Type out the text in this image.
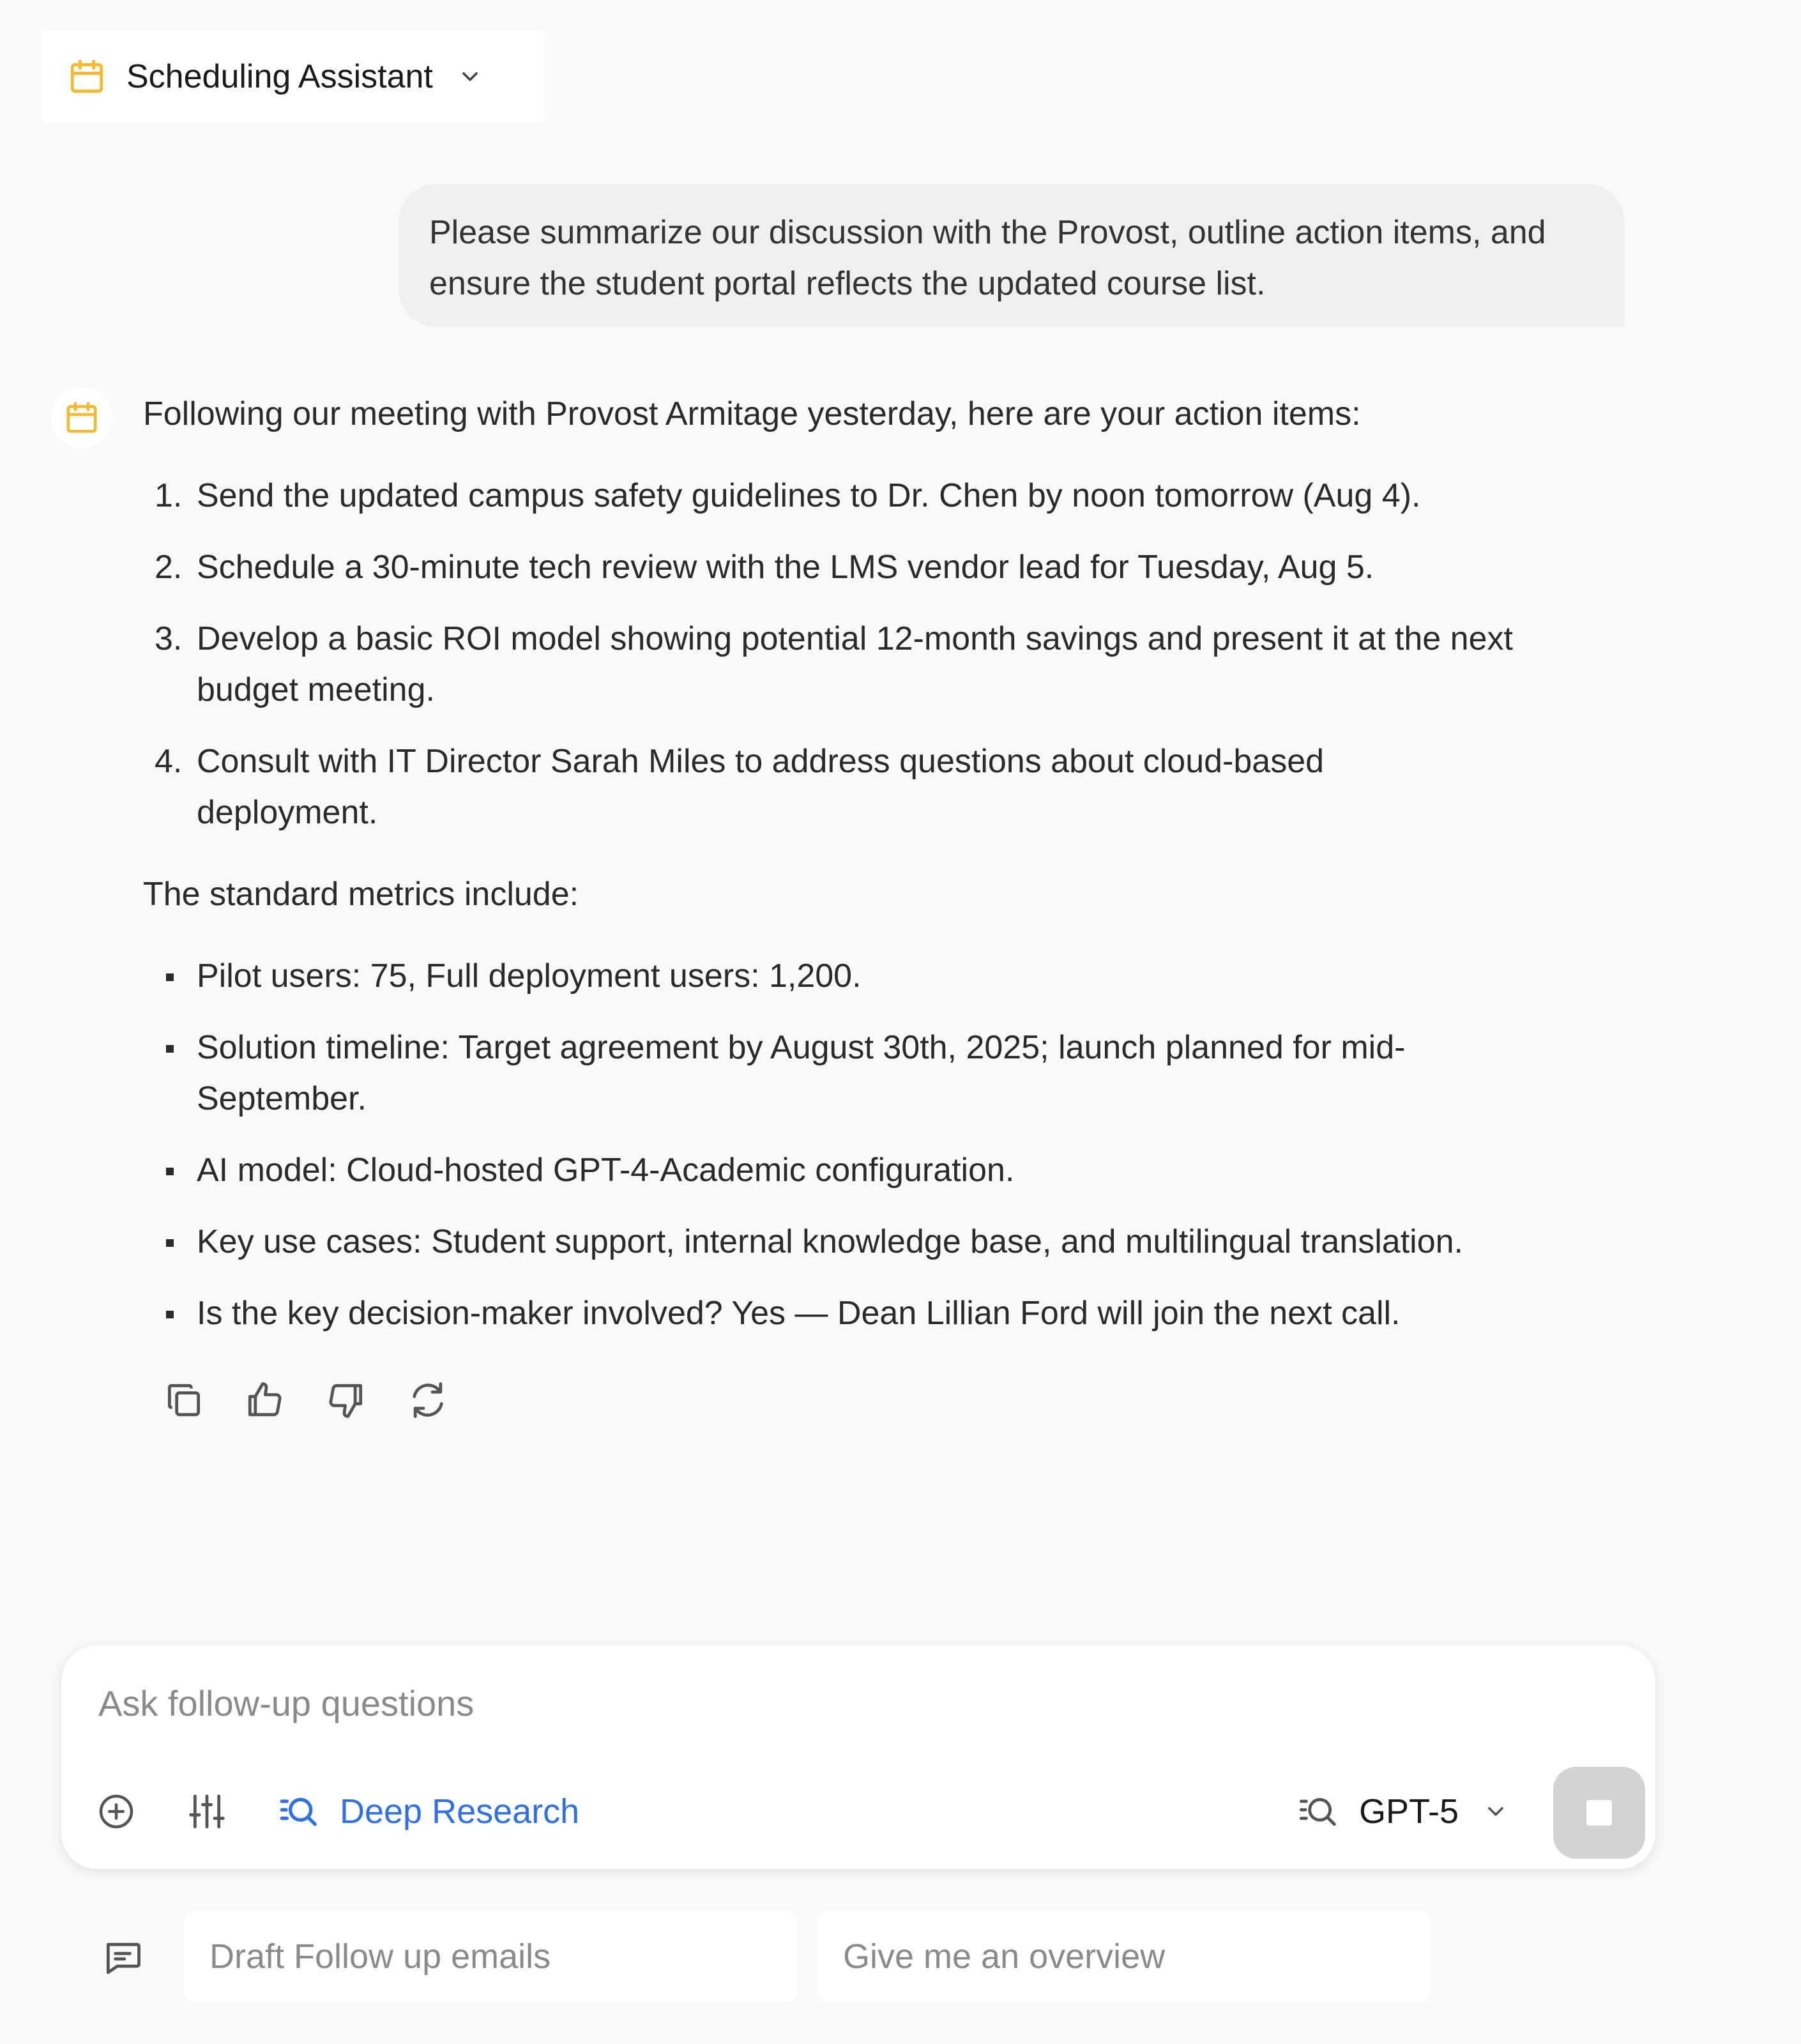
Scheduling Assistant
Please summarize our discussion with the Provost, outline action items, and ensure the student portal reflects the updated course list.
Following our meeting with Provost Armitage yesterday, here are your action items:
1. Send the updated campus safety guidelines to Dr. Chen by noon tomorrow (Aug 4).
2. Schedule a 30-minute tech review with the LMS vendor lead for Tuesday, Aug 5.
3. Develop a basic ROI model showing potential 12-month savings and present it at the next
budget meeting.
4. Consult with IT Director Sarah Miles to address questions about cloud-based
deployment.
The standard metrics include:
Pilot users: 75, Full deployment users: 1,200.
Solution timeline: Target agreement by August 30th, 2025; launch planned for mid-
September.
AI model: Cloud-hosted GPT-4-Academic configuration.
Key use cases: Student support, internal knowledge base, and multilingual translation.
Is the key decision-maker involved? Yes — Dean Lillian Ford will join the next call.
Ask follow-up questions
Deep Research	GPT-5
Draft Follow up emails	Give me an overview
